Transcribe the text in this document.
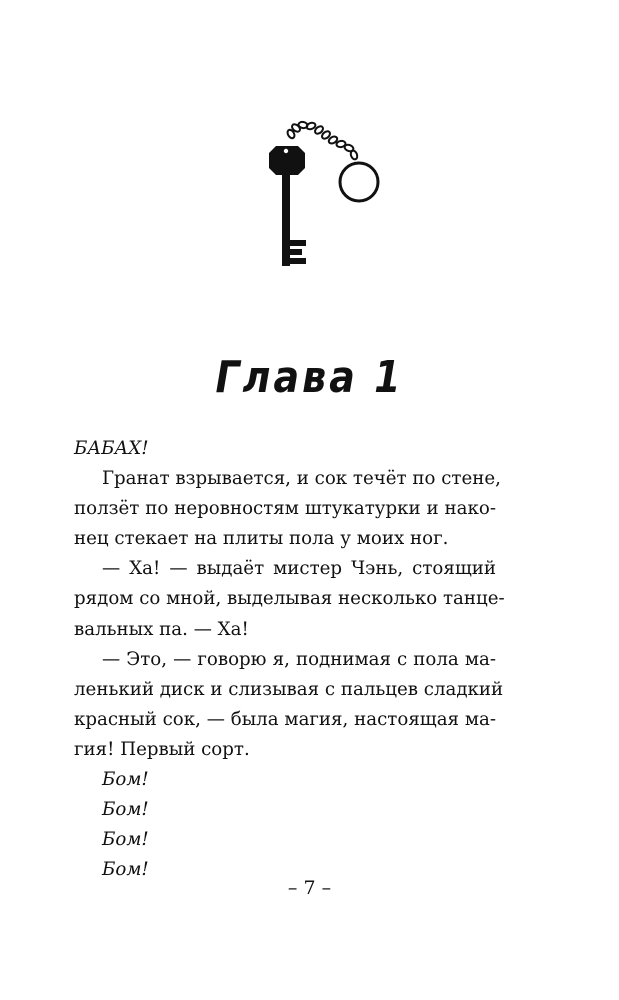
Глава 1
БАБАХ!
Гранат взрывается, и сок течёт по стене,
ползёт по неровностям штукатурки и нако-
нец стекает на плиты пола у моих ног.
— Ха! — выдаёт мистер Чэнь, стоящий
рядом со мной, выделывая несколько танце-
вальных па. — Ха!
— Это, — говорю я, поднимая с пола ма-
ленький диск и слизывая с пальцев сладкий
красный сок, — была магия, настоящая ма-
гия! Первый сорт.
Бом!
Бом!
Бом!
Бом!
– 7 –
